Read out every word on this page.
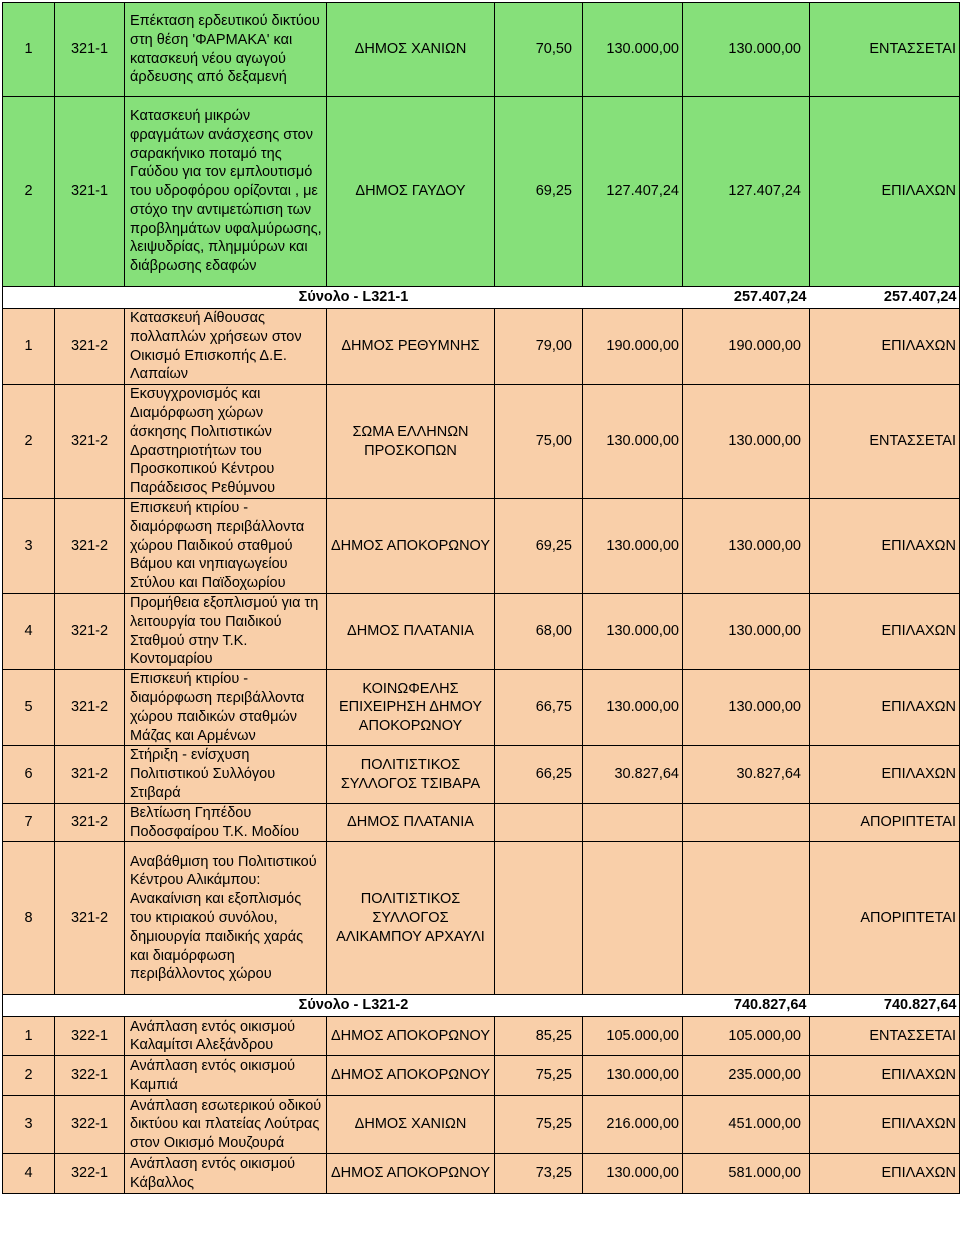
1	321-1	Επέκταση ερδευτικού δικτύου στη θέση 'ΦΑΡΜΑΚΑ' και κατασκευή νέου αγωγού άρδευσης από δεξαμενή	ΔΗΜΟΣ ΧΑΝΙΩΝ	70,50	130.000,00	130.000,00	ΕΝΤΑΣΣΕΤΑΙ	
2	321-1	Κατασκευή μικρών φραγμάτων ανάσχεσης στον σαρακήνικο ποταμό της Γαύδου για τον εμπλουτισμό του υδροφόρου ορίζονται , με στόχο την αντιμετώπιση των προβλημάτων υφαλμύρωσης, λειψυδρίας, πλημμύρων και διάβρωσης εδαφών	ΔΗΜΟΣ ΓΑΥΔΟΥ	69,25	127.407,24	127.407,24	ΕΠΙΛΑΧΩΝ	
		Σύνολο - L321-1			257.407,24		257.407,24	
1	321-2	Κατασκευή Αίθουσας πολλαπλών χρήσεων στον Οικισμό Επισκοπής Δ.Ε. Λαπαίων	ΔΗΜΟΣ ΡΕΘΥΜΝΗΣ	79,00	190.000,00	190.000,00	ΕΠΙΛΑΧΩΝ	
2	321-2	Εκσυγχρονισμός και Διαμόρφωση χώρων άσκησης Πολιτιστικών Δραστηριοτήτων του Προσκοπικού Κέντρου Παράδεισος Ρεθύμνου	ΣΩΜΑ ΕΛΛΗΝΩΝ ΠΡΟΣΚΟΠΩΝ	75,00	130.000,00	130.000,00	ΕΝΤΑΣΣΕΤΑΙ	
3	321-2	Επισκευή κτιρίου - διαμόρφωση περιβάλλοντα χώρου Παιδικού σταθμού Βάμου και νηπιαγωγείου Στύλου και Παϊδοχωρίου	ΔΗΜΟΣ ΑΠΟΚΟΡΩΝΟΥ	69,25	130.000,00	130.000,00	ΕΠΙΛΑΧΩΝ	
4	321-2	Προμήθεια εξοπλισμού για τη λειτουργία του Παιδικού Σταθμού στην Τ.Κ. Κοντομαρίου	ΔΗΜΟΣ ΠΛΑΤΑΝΙΑ	68,00	130.000,00	130.000,00	ΕΠΙΛΑΧΩΝ	
5	321-2	Επισκευή κτιρίου - διαμόρφωση περιβάλλοντα χώρου παιδικών σταθμών Μάζας και Αρμένων	ΚΟΙΝΩΦΕΛΗΣ ΕΠΙΧΕΙΡΗΣΗ ΔΗΜΟΥ ΑΠΟΚΟΡΩΝΟΥ	66,75	130.000,00	130.000,00	ΕΠΙΛΑΧΩΝ	
6	321-2	Στήριξη - ενίσχυση Πολιτιστικού Συλλόγου Στιβαρά	ΠΟΛΙΤΙΣΤΙΚΟΣ ΣΥΛΛΟΓΟΣ ΤΣΙΒΑΡΑ	66,25	30.827,64	30.827,64	ΕΠΙΛΑΧΩΝ	
7	321-2	Βελτίωση Γηπέδου Ποδοσφαίρου Τ.Κ. Μοδίου	ΔΗΜΟΣ ΠΛΑΤΑΝΙΑ				ΑΠΟΡΙΠΤΕΤΑΙ	
8	321-2	Αναβάθμιση του Πολιτιστικού Κέντρου Αλικάμπου: Ανακαίνιση και εξοπλισμός του κτιριακού συνόλου, δημιουργία παιδικής χαράς και διαμόρφωση περιβάλλοντος χώρου	ΠΟΛΙΤΙΣΤΙΚΟΣ ΣΥΛΛΟΓΟΣ ΑΛΙΚΑΜΠΟΥ ΑΡΧΑΥΛΙ				ΑΠΟΡΙΠΤΕΤΑΙ	
		Σύνολο - L321-2			740.827,64		740.827,64	
1	322-1	Ανάπλαση εντός οικισμού Καλαμίτσι Αλεξάνδρου	ΔΗΜΟΣ ΑΠΟΚΟΡΩΝΟΥ	85,25	105.000,00	105.000,00	ΕΝΤΑΣΣΕΤΑΙ	
2	322-1	Ανάπλαση εντός οικισμού Καμπιά	ΔΗΜΟΣ ΑΠΟΚΟΡΩΝΟΥ	75,25	130.000,00	235.000,00	ΕΠΙΛΑΧΩΝ	
3	322-1	Ανάπλαση εσωτερικού οδικού δικτύου και πλατείας Λούτρας στον Οικισμό Μουζουρά	ΔΗΜΟΣ ΧΑΝΙΩΝ	75,25	216.000,00	451.000,00	ΕΠΙΛΑΧΩΝ	
4	322-1	Ανάπλαση εντός οικισμού Κάβαλλος	ΔΗΜΟΣ ΑΠΟΚΟΡΩΝΟΥ	73,25	130.000,00	581.000,00	ΕΠΙΛΑΧΩΝ	
